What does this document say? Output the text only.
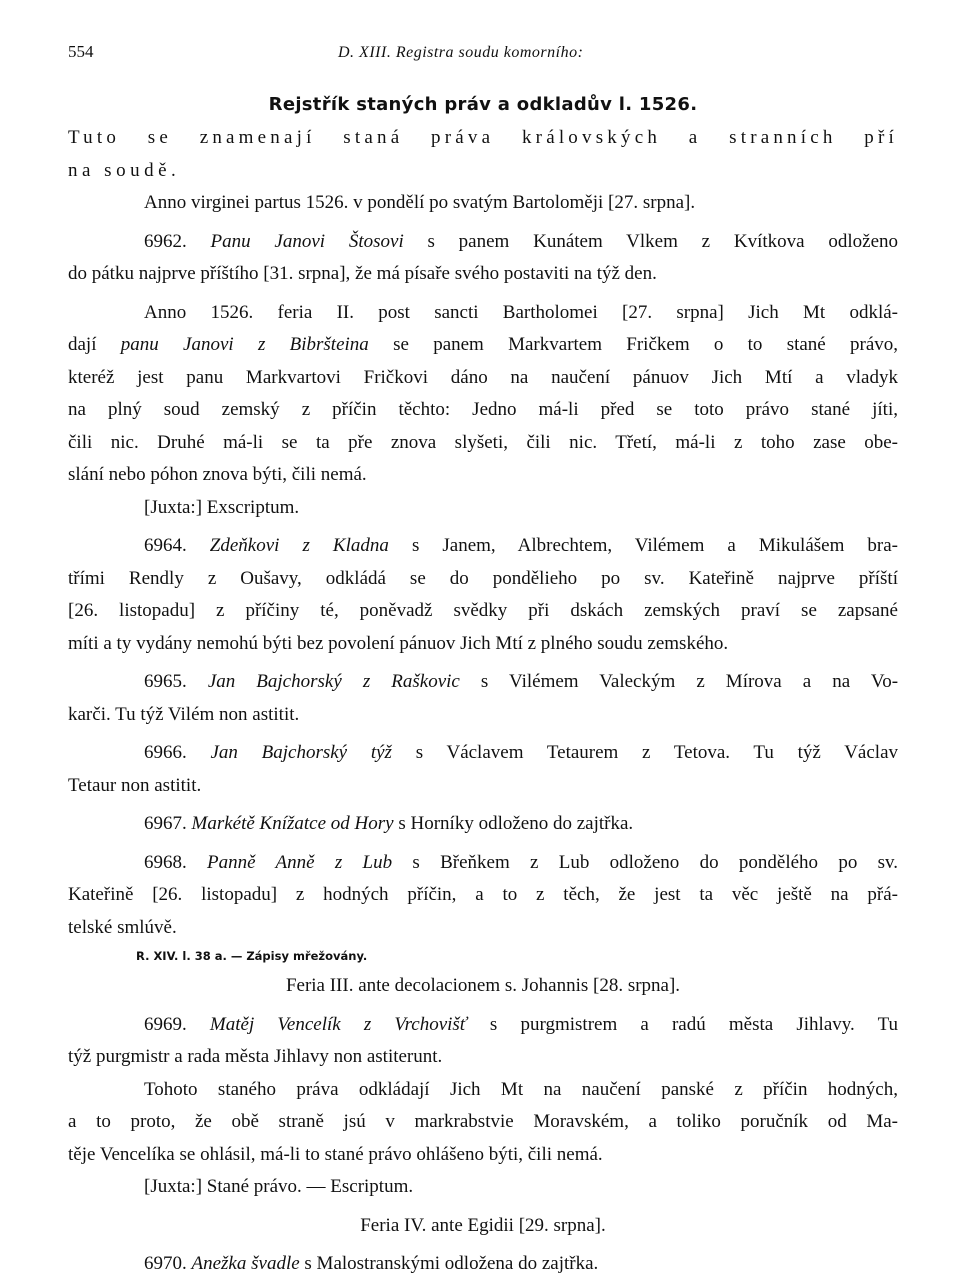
554	D. XIII. Registra soudu komorního:
Rejstřík staných práv a odkladův l. 1526.
Tuto se znamenají staná práva královských a stranních pří
na soudě.
Anno virginei partus 1526. v pondělí po svatým Bartoloměji [27. srpna].
6962. Panu Janovi Štosovi s panem Kunátem Vlkem z Kvítkova odloženo
do pátku najprve příštího [31. srpna], že má písaře svého postaviti na týž den.
Anno 1526. feria II. post sancti Bartholomei [27. srpna] Jich Mt odklá-
dají panu Janovi z Bibršteina se panem Markvartem Fričkem o to stané právo,
kteréž jest panu Markvartovi Fričkovi dáno na naučení pánuov Jich Mtí a vladyk
na plný soud zemský z příčin těchto: Jedno má-li před se toto právo stané jíti,
čili nic. Druhé má-li se ta pře znova slyšeti, čili nic. Třetí, má-li z toho zase obe-
slání nebo póhon znova býti, čili nemá.
[Juxta:] Exscriptum.
6964. Zdeňkovi z Kladna s Janem, Albrechtem, Vilémem a Mikulášem bra-
třími Rendly z Oušavy, odkládá se do pondělieho po sv. Kateřině najprve příští
[26. listopadu] z příčiny té, poněvadž svědky při dskách zemských praví se zapsané
míti a ty vydány nemohú býti bez povolení pánuov Jich Mtí z plného soudu zemského.
6965. Jan Bajchorský z Raškovic s Vilémem Valeckým z Mírova a na Vo-
karči. Tu týž Vilém non astitit.
6966. Jan Bajchorský týž s Václavem Tetaurem z Tetova. Tu týž Václav
Tetaur non astitit.
6967. Markétě Knížatce od Hory s Horníky odloženo do zajtřka.
6968. Panně Anně z Lub s Břeňkem z Lub odloženo do ponděléhо po sv.
Kateřině [26. listopadu] z hodných příčin, a to z těch, že jest ta věc ještě na přá-
telské smlúvě.
R. XIV. l. 38 a. — Zápisy mřežovány.
Feria III. ante decolacionem s. Johannis [28. srpna].
6969. Matěj Vencelík z Vrchovišť s purgmistrem a radú města Jihlavy. Tu
týž purgmistr a rada města Jihlavy non astiterunt.
Tohoto staného práva odkládají Jich Mt na naučení panské z příčin hodných,
a to proto, že obě straně jsú v markrabstvie Moravském, a toliko poručník od Ma-
těje Vencelíka se ohlásil, má-li to stané právo ohlášeno býti, čili nemá.
[Juxta:] Stané právo. — Escriptum.
Feria IV. ante Egidii [29. srpna].
6970. Anežka švadle s Malostranskými odložena do zajtřka.
